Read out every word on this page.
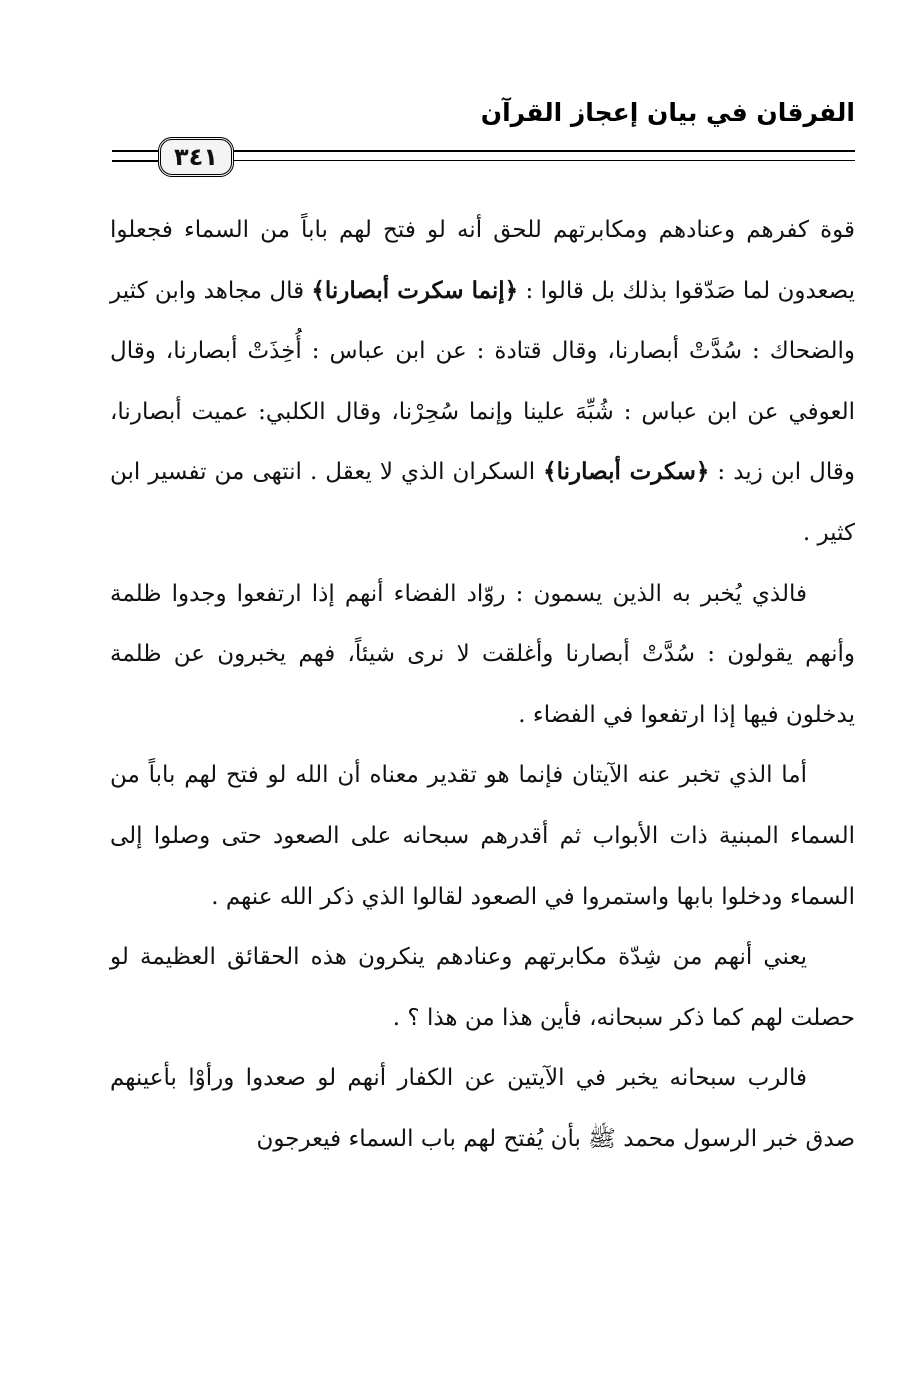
الفرقان في بيان إعجاز القرآن
٣٤١

قوة كفرهم وعنادهم ومكابرتهم للحق أنه لو فتح لهم باباً من السماء فجعلوا يصعدون لما صَدّقوا بذلك بل قالوا : ﴿إنما سكرت أبصارنا﴾ قال مجاهد وابن كثير والضحاك : سُدَّتْ أبصارنا، وقال قتادة : عن ابن عباس : أُخِذَتْ أبصارنا، وقال العوفي عن ابن عباس : شُبِّهَ علينا وإنما سُحِرْنا، وقال الكلبي: عميت أبصارنا، وقال ابن زيد : ﴿سكرت أبصارنا﴾ السكران الذي لا يعقل . انتهى من تفسير ابن كثير .

فالذي يُخبر به الذين يسمون : روّاد الفضاء أنهم إذا ارتفعوا وجدوا ظلمة وأنهم يقولون : سُدَّتْ أبصارنا وأغلقت لا نرى شيئاً، فهم يخبرون عن ظلمة يدخلون فيها إذا ارتفعوا في الفضاء .

أما الذي تخبر عنه الآيتان فإنما هو تقدير معناه أن الله لو فتح لهم باباً من السماء المبنية ذات الأبواب ثم أقدرهم سبحانه على الصعود حتى وصلوا إلى السماء ودخلوا بابها واستمروا في الصعود لقالوا الذي ذكر الله عنهم .

يعني أنهم من شِدّة مكابرتهم وعنادهم ينكرون هذه الحقائق العظيمة لو حصلت لهم كما ذكر سبحانه، فأين هذا من هذا ؟ .

فالرب سبحانه يخبر في الآيتين عن الكفار أنهم لو صعدوا ورأوْا بأعينهم صدق خبر الرسول محمد ﷺ بأن يُفتح لهم باب السماء فيعرجون
